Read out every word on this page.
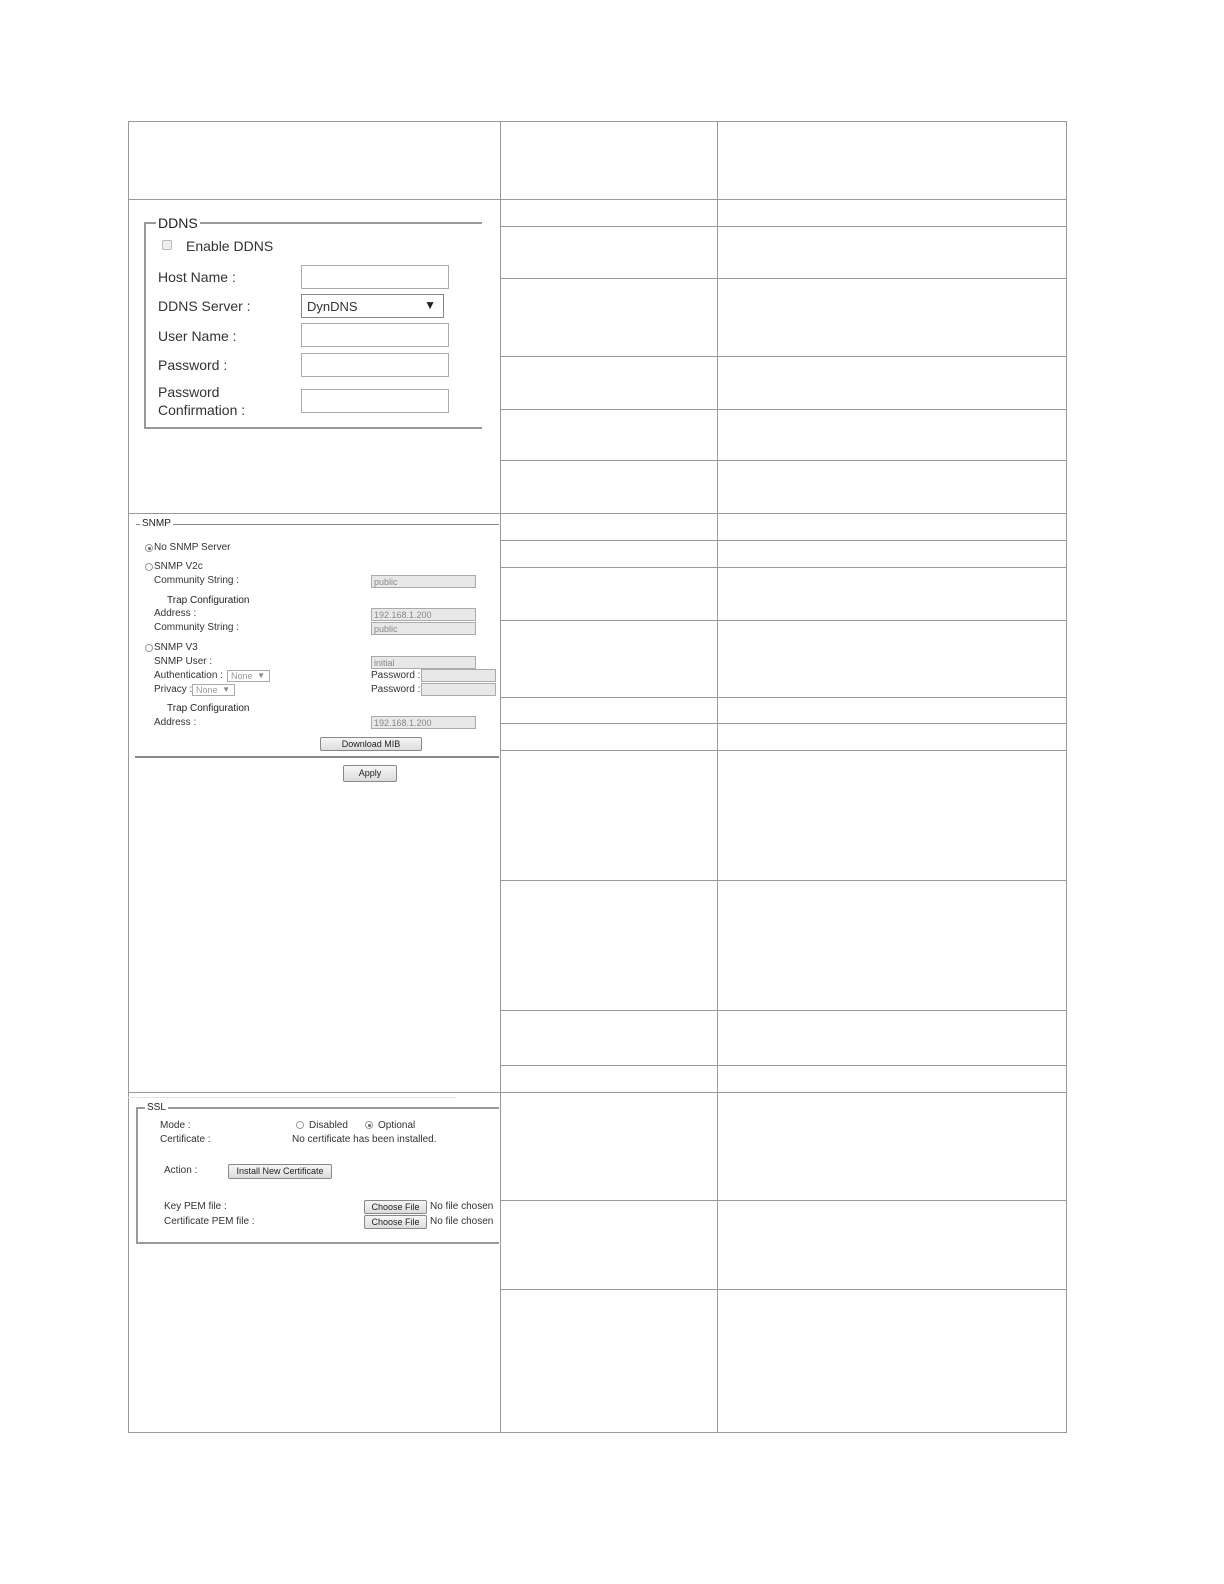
DDNS
Enable DDNS
Host Name :
DDNS Server :	DynDNS	▼
User Name :
Password :
Password
Confirmation :
SNMP
No SNMP Server
SNMP V2c
Community String :	public
Trap Configuration
Address :	192.168.1.200
Community String :	public
SNMP V3
SNMP User :	initial
Authentication : None ▼	Password :
Privacy : None ▼	Password :
Trap Configuration
Address :	192.168.1.200
Download MIB
Apply
SSL
Mode :	Disabled	Optional
Certificate :	No certificate has been installed.
Action :	Install New Certificate
Key PEM file :	Choose File	No file chosen
Certificate PEM file :	Choose File	No file chosen
